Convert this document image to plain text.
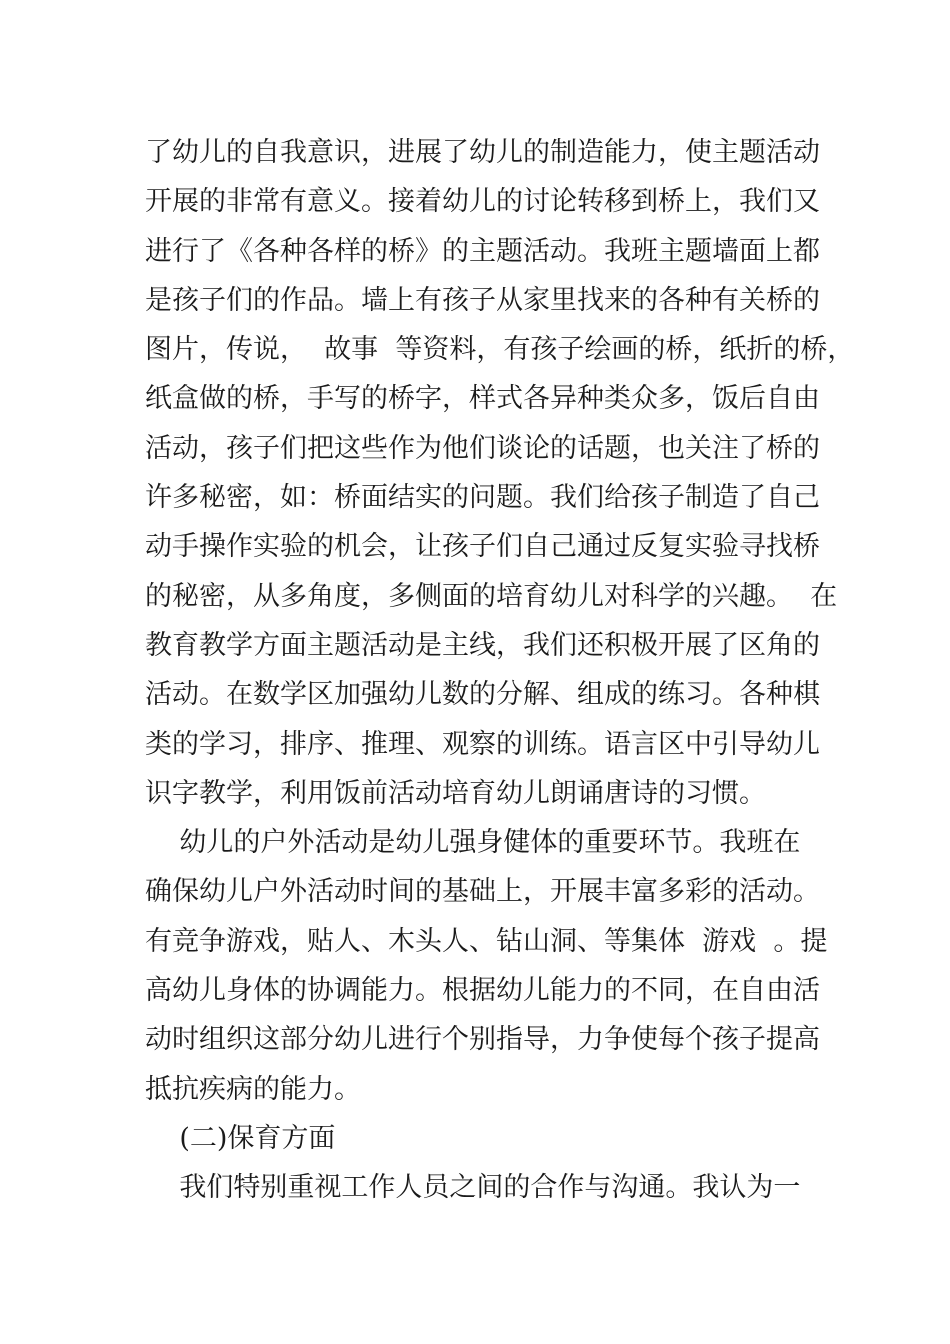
了幼儿的自我意识，进展了幼儿的制造能力，使主题活动
开展的非常有意义。接着幼儿的讨论转移到桥上，我们又
进行了《各种各样的桥》的主题活动。我班主题墙面上都
是孩子们的作品。墙上有孩子从家里找来的各种有关桥的
图片，传说，  故事  等资料，有孩子绘画的桥，纸折的桥，
纸盒做的桥，手写的桥字，样式各异种类众多，饭后自由
活动，孩子们把这些作为他们谈论的话题，也关注了桥的
许多秘密，如：桥面结实的问题。我们给孩子制造了自己
动手操作实验的机会，让孩子们自己通过反复实验寻找桥
的秘密，从多角度，多侧面的培育幼儿对科学的兴趣。  在
教育教学方面主题活动是主线，我们还积极开展了区角的
活动。在数学区加强幼儿数的分解、组成的练习。各种棋
类的学习，排序、推理、观察的训练。语言区中引导幼儿
识字教学，利用饭前活动培育幼儿朗诵唐诗的习惯。
幼儿的户外活动是幼儿强身健体的重要环节。我班在
确保幼儿户外活动时间的基础上，开展丰富多彩的活动。
有竞争游戏，贴人、木头人、钻山洞、等集体  游戏  。提
高幼儿身体的协调能力。根据幼儿能力的不同，在自由活
动时组织这部分幼儿进行个别指导，力争使每个孩子提高
抵抗疾病的能力。
(二)保育方面
我们特别重视工作人员之间的合作与沟通。我认为一
